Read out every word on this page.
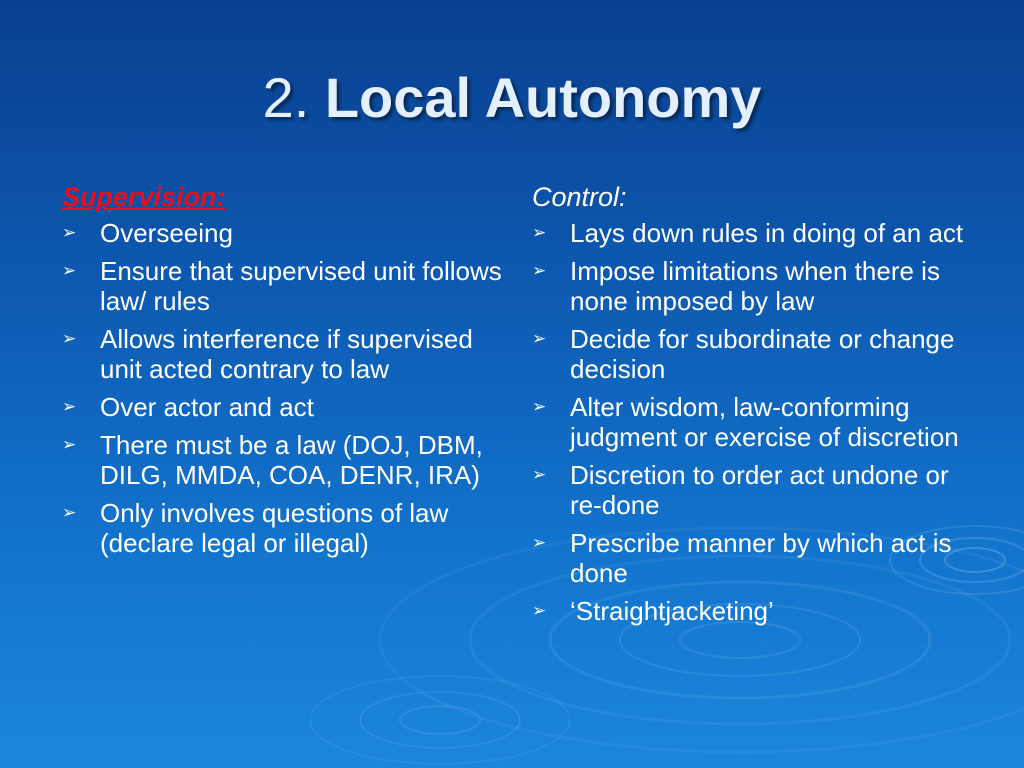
2. Local Autonomy
Supervision:
➢ Overseeing
➢ Ensure that supervised unit follows law/ rules
➢ Allows interference if supervised unit acted contrary to law
➢ Over actor and act
➢ There must be a law (DOJ, DBM, DILG, MMDA, COA, DENR, IRA)
➢ Only involves questions of law (declare legal or illegal)
Control:
➢ Lays down rules in doing of an act
➢ Impose limitations when there is none imposed by law
➢ Decide for subordinate or change decision
➢ Alter wisdom, law-conforming judgment or exercise of discretion
➢ Discretion to order act undone or re-done
➢ Prescribe manner by which act is done
➢ ‘Straightjacketing’
